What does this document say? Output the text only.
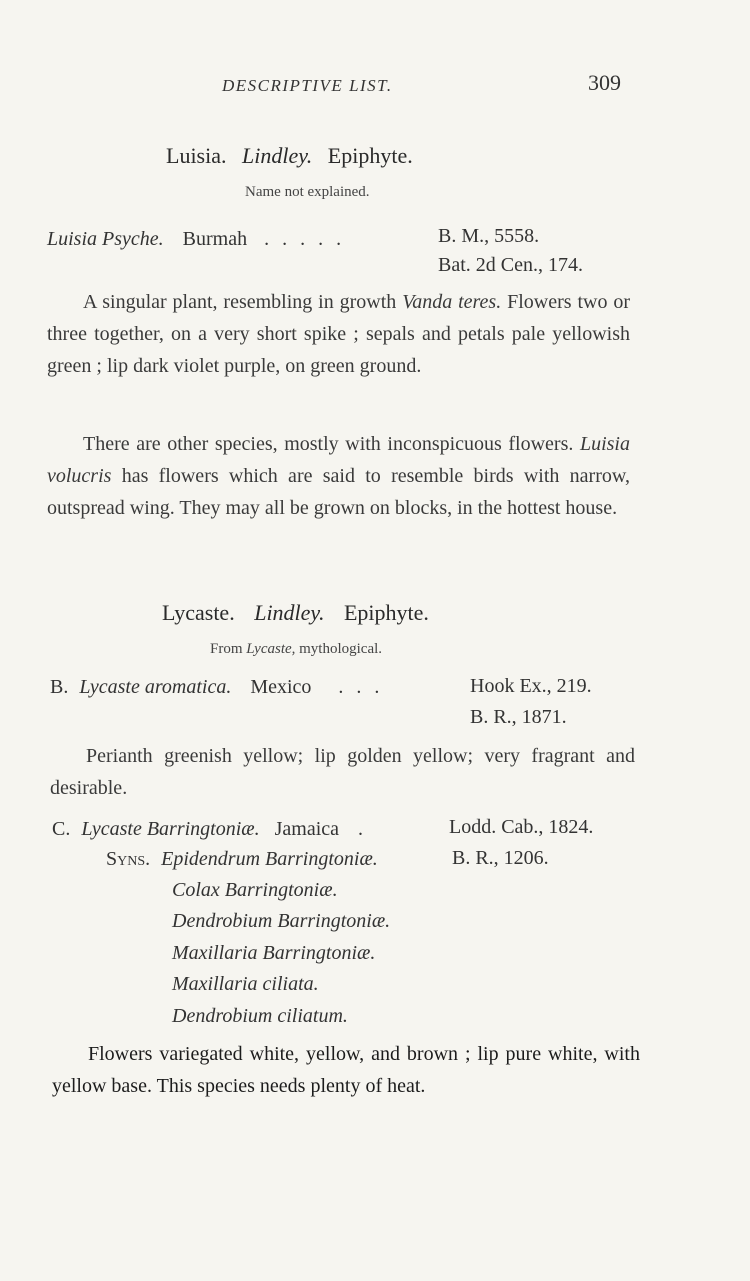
DESCRIPTIVE LIST.	309
Luisia. Lindley. Epiphyte.
Name not explained.
Luisia Psyche. Burmah . . . . .	B. M., 5558.
Bat. 2d Cen., 174.
A singular plant, resembling in growth Vanda teres. Flowers two or three together, on a very short spike ; sepals and petals pale yellowish green ; lip dark violet purple, on green ground.
There are other species, mostly with inconspicuous flowers. Luisia volucris has flowers which are said to resemble birds with narrow, outspread wing. They may all be grown on blocks, in the hottest house.
Lycaste. Lindley. Epiphyte.
From Lycaste, mythological.
B. Lycaste aromatica. Mexico . . .	Hook Ex., 219.
B. R., 1871.
Perianth greenish yellow; lip golden yellow; very fragrant and desirable.
C. Lycaste Barringtoniæ. Jamaica .	Lodd. Cab., 1824.
Syns. Epidendrum Barringtoniæ.	B. R., 1206.
Colax Barringtoniæ.
Dendrobium Barringtoniæ.
Maxillaria Barringtoniæ.
Maxillaria ciliata.
Dendrobium ciliatum.
Flowers variegated white, yellow, and brown ; lip pure white, with yellow base. This species needs plenty of heat.
